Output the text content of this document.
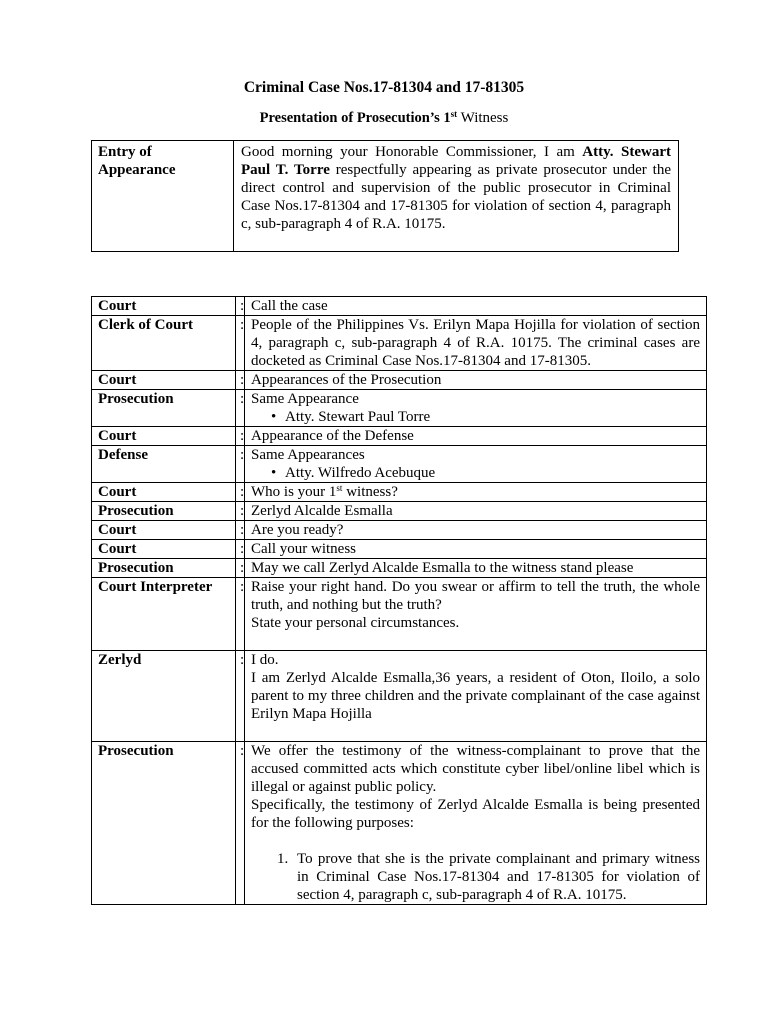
Criminal Case Nos.17-81304 and 17-81305
Presentation of Prosecution’s 1st Witness
Entry of
Appearance
	Good morning your Honorable Commissioner, I am Atty. Stewart Paul T. Torre respectfully appearing as private prosecutor under the direct control and supervision of the public prosecutor in Criminal Case Nos.17-81304 and 17-81305 for violation of section 4, paragraph c, sub-paragraph 4 of R.A. 10175.
Court	:	Call the case
Clerk of Court	:	People of the Philippines Vs. Erilyn Mapa Hojilla for violation of section 4, paragraph c, sub-paragraph 4 of R.A. 10175. The criminal cases are docketed as Criminal Case Nos.17-81304 and 17-81305.
Court	:	Appearances of the Prosecution
Prosecution	:	Same Appearance
• Atty. Stewart Paul Torre

Court	:	Appearance of the Defense
Defense	:	Same Appearances
• Atty. Wilfredo Acebuque

Court	:	Who is your 1st witness?
Prosecution	:	Zerlyd Alcalde Esmalla
Court	:	Are you ready?
Court	:	Call your witness
Prosecution	:	May we call Zerlyd Alcalde Esmalla to the witness stand please
Court Interpreter	:	Raise your right hand. Do you swear or affirm to tell the truth, the whole truth, and nothing but the truth?
State your personal circumstances.

Zerlyd	:	I do.
I am Zerlyd Alcalde Esmalla,36 years, a resident of Oton, Iloilo, a solo parent to my three children and the private complainant of the case against Erilyn Mapa Hojilla

Prosecution	:	We offer the testimony of the witness-complainant to prove that the accused committed acts which constitute cyber libel/online libel which is illegal or against public policy.
Specifically, the testimony of Zerlyd Alcalde Esmalla is being presented for the following purposes:
1. To prove that she is the private complainant and primary witness in Criminal Case Nos.17-81304 and 17-81305 for violation of section 4, paragraph c, sub-paragraph 4 of R.A. 10175.
